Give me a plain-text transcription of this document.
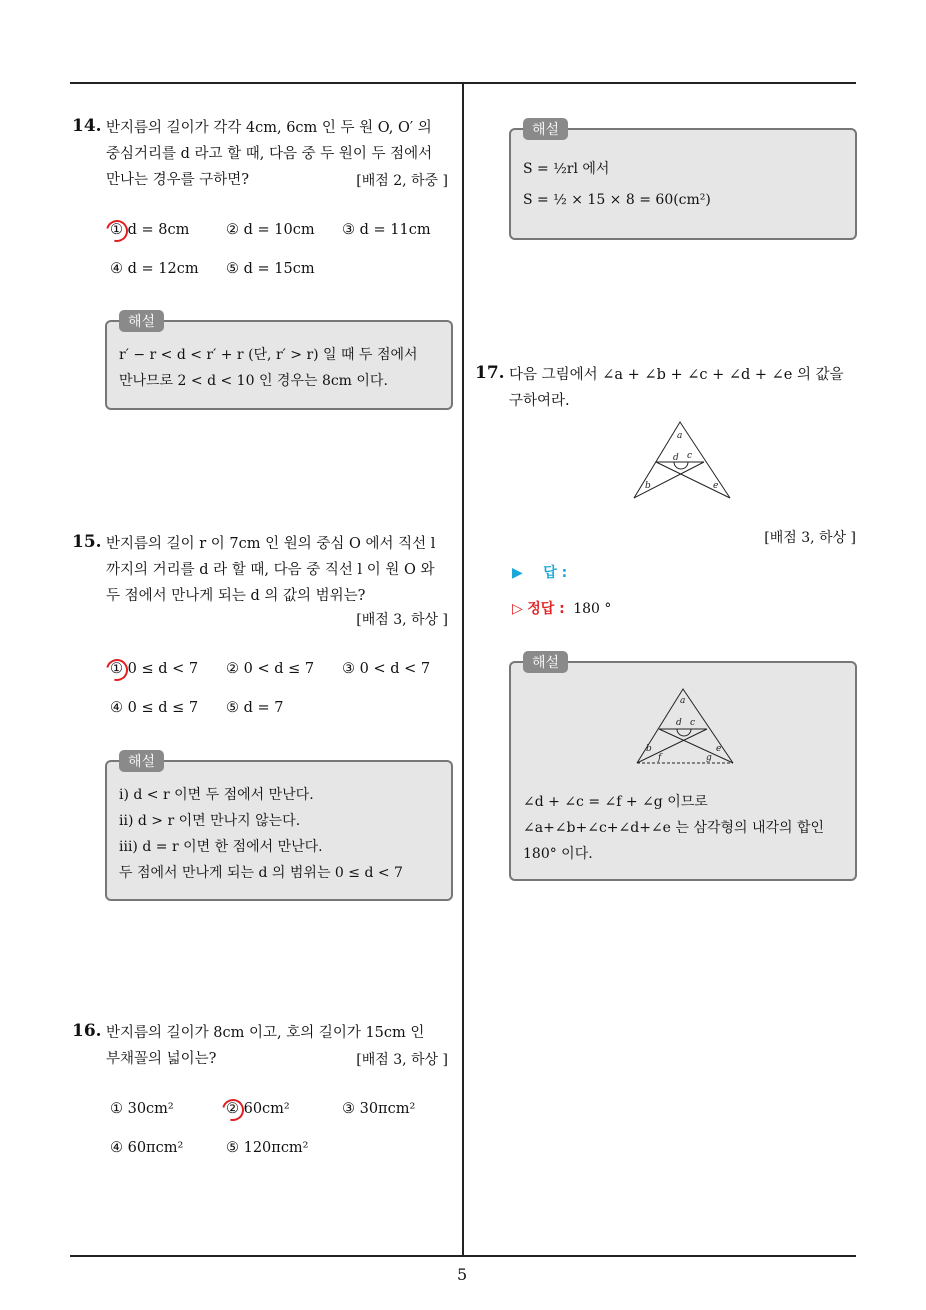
5
14. 반지름의 길이가 각각 4cm, 6cm 인 두 원 O, O′ 의
중심거리를 d 라고 할 때, 다음 중 두 원이 두 점에서
만나는 경우를 구하면?	[배점 2, 하중 ]
① d = 8cm	② d = 10cm ③ d = 11cm
④ d = 12cm ⑤ d = 15cm
해설
r′ − r < d < r′ + r (단, r′ > r) 일 때 두 점에서
만나므로 2 < d < 10 인 경우는 8cm 이다.
15. 반지름의 길이 r 이 7cm 인 원의 중심 O 에서 직선 l
까지의 거리를 d 라 할 때, 다음 중 직선 l 이 원 O 와
두 점에서 만나게 되는 d 의 값의 범위는?
[배점 3, 하상 ]
① 0 ≤ d < 7 ② 0 < d ≤ 7 ③ 0 < d < 7
④ 0 ≤ d ≤ 7 ⑤ d = 7
해설
ⅰ) d < r 이면 두 점에서 만난다.
ⅱ) d > r 이면 만나지 않는다.
ⅲ) d = r 이면 한 점에서 만난다.
두 점에서 만나게 되는 d 의 범위는 0 ≤ d < 7
16. 반지름의 길이가 8cm 이고, 호의 길이가 15cm 인
부채꼴의 넓이는?	[배점 3, 하상 ]
① 30cm²	② 60cm²	③ 30πcm²
④ 60πcm²	⑤ 120πcm²
해설
S = ½rl 에서
S = ½ × 15 × 8 = 60(cm²)
17. 다음 그림에서 ∠a + ∠b + ∠c + ∠d + ∠e 의 값을
구하여라.
a
b
c
d
e
[배점 3, 하상 ]
▶ 답 :
▷ 정답 : 180 °
해설
a
b
c
d
e
f	g
∠d + ∠c = ∠f + ∠g 이므로
∠a+∠b+∠c+∠d+∠e 는 삼각형의 내각의 합인
180° 이다.
